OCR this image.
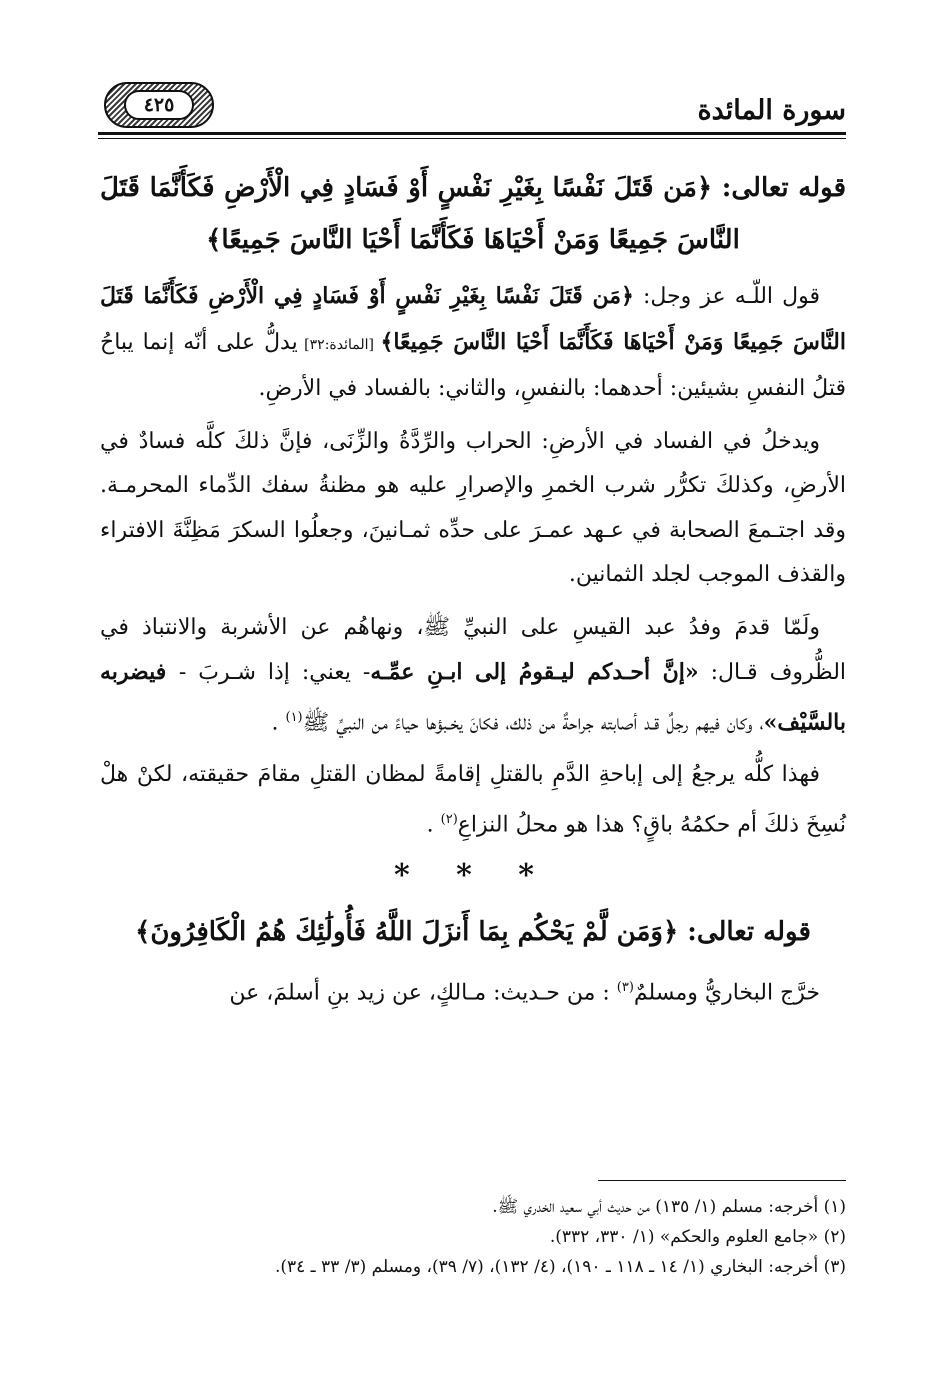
سورة المائدة
٤٢٥
قوله تعالى: ﴿مَن قَتَلَ نَفْسًا بِغَيْرِ نَفْسٍ أَوْ فَسَادٍ فِي الْأَرْضِ فَكَأَنَّمَا قَتَلَ النَّاسَ جَمِيعًا وَمَنْ أَحْيَاهَا فَكَأَنَّمَا أَحْيَا النَّاسَ جَمِيعًا﴾

قول اللّـه عز وجل: ﴿مَن قَتَلَ نَفْسًا بِغَيْرِ نَفْسٍ أَوْ فَسَادٍ فِي الْأَرْضِ فَكَأَنَّمَا قَتَلَ النَّاسَ جَمِيعًا وَمَنْ أَحْيَاهَا فَكَأَنَّمَا أَحْيَا النَّاسَ جَمِيعًا﴾ [المائدة:٣٢] يدلُّ على أنّه إنما يباحُ قتلُ النفسِ بشيئين: أحدهما: بالنفسِ، والثاني: بالفساد في الأرضِ.

ويدخلُ في الفساد في الأرضِ: الحراب والرِّدَّةُ والزِّنَى، فإنَّ ذلكَ كلَّه فسادٌ في الأرضِ، وكذلكَ تكرُّر شرب الخمرِ والإصرارِ عليه هو مظنةُ سفك الدِّماء المحرمـة. وقد اجتـمعَ الصحابة في عـهد عمـرَ على حدِّه ثمـانينَ، وجعلُوا السكرَ مَظِنَّةَ الافتراء والقذف الموجب لجلد الثمانين.

ولَمّا قدمَ وفدُ عبد القيسِ على النبيِّ ﷺ، ونهاهُم عن الأشربة والانتباذ في الظُّروف قـال: «إنَّ أحـدكم ليـقومُ إلى ابـنِ عمِّـه- يعني: إذا شـربَ - فيضربه بالسَّيْف»، وكان فيهم رجلٌ قـد أصابته جراحةٌ من ذلك، فكانَ يخـبؤها حياءً من النبيِّ ﷺ$^{(١)}$ .

فهذا كلُّه يرجعُ إلى إباحةِ الدَّمِ بالقتلِ إقامةً لمظان القتلِ مقامَ حقيقته، لكنْ هلْ نُسِخَ ذلكَ أم حكمُهُ باقٍ؟ هذا هو محلُ النزاعِ$^{(٢)}$ .

* * *
قوله تعالى: ﴿وَمَن لَّمْ يَحْكُم بِمَا أَنزَلَ اللَّهُ فَأُولَٰئِكَ هُمُ الْكَافِرُونَ﴾

خرَّج البخاريُّ ومسلمٌ$^{(٣)}$ : من حـديث: مـالكٍ، عن زيد بنِ أسلمَ، عن

(١) أخرجه: مسلم (١/ ١٣٥) من حديث أبي سعيد الخدري ﷺ.

(٢) «جامع العلوم والحكم» (١/ ٣٣٠، ٣٣٢).

(٣) أخرجه: البخاري (١/ ١٤ ـ ١١٨ ـ ١٩٠)، (٤/ ١٣٢)، (٧/ ٣٩)، ومسلم (٣/ ٣٣ ـ ٣٤).
